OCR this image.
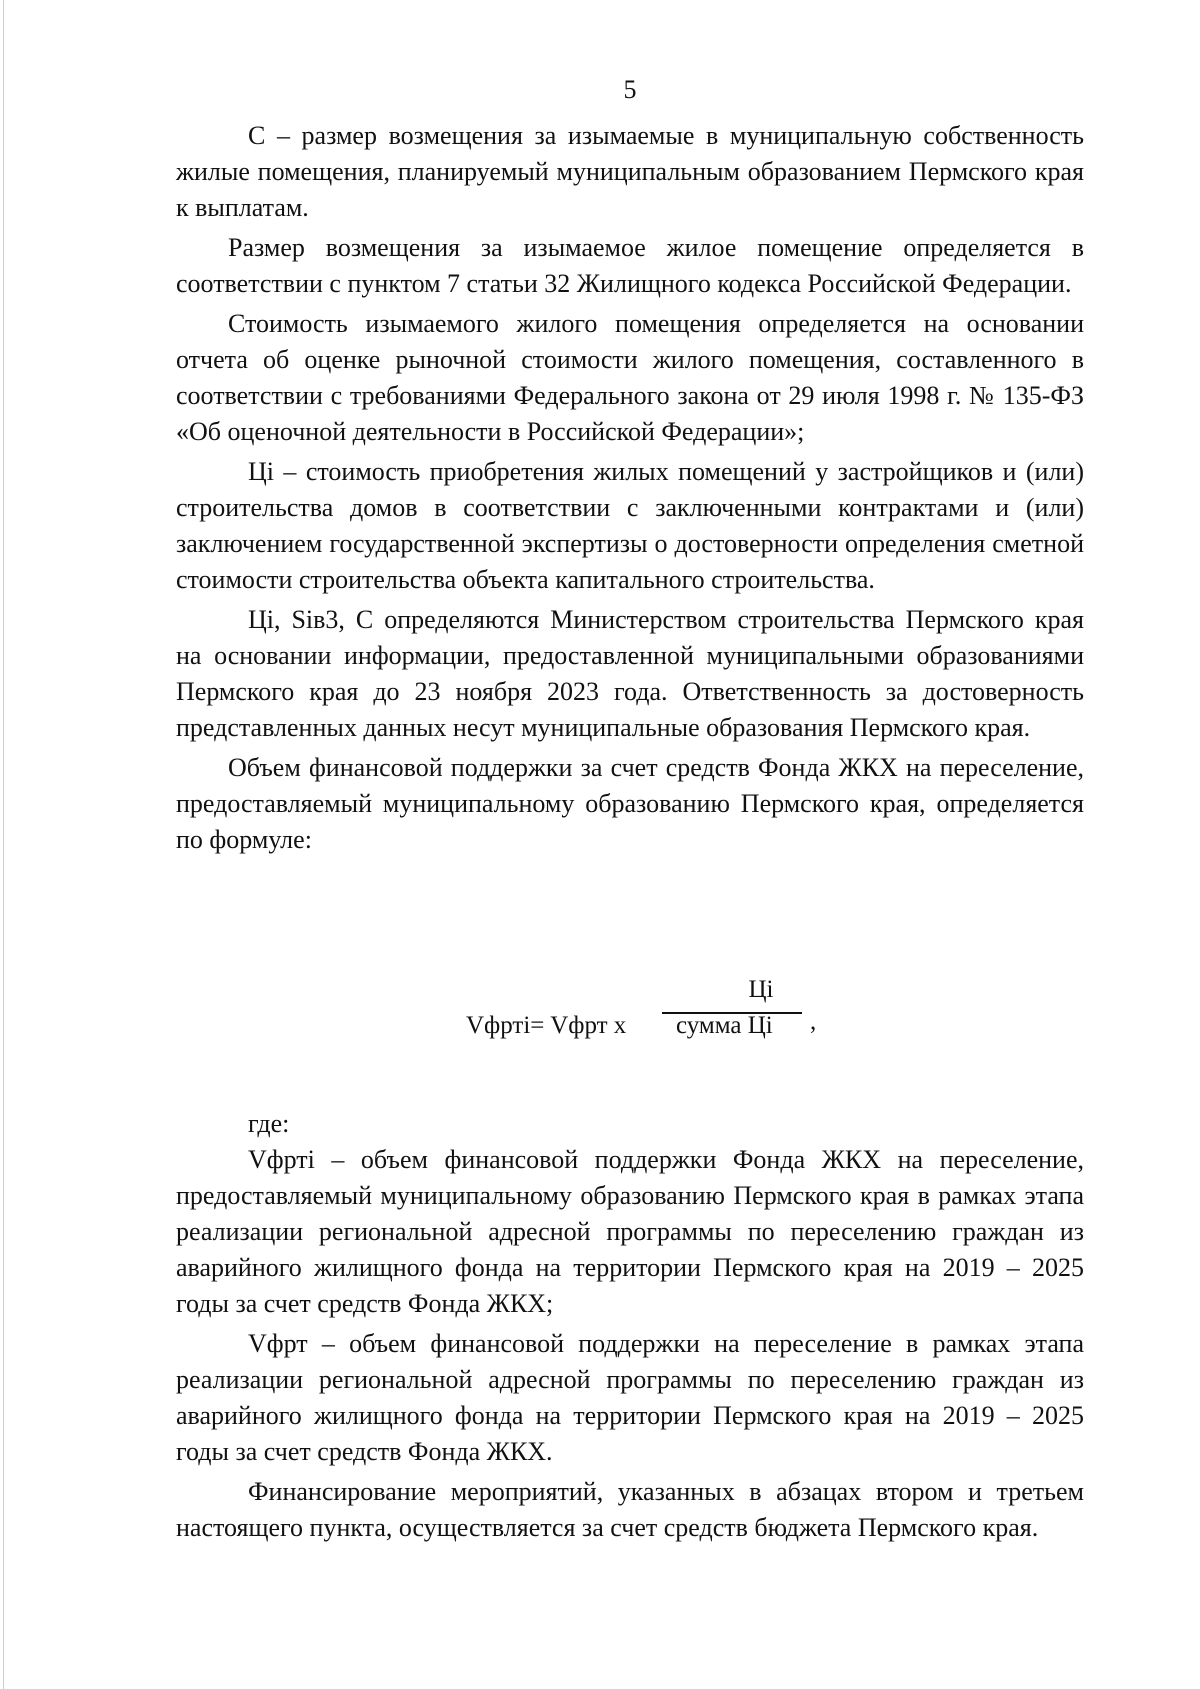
5

С – размер возмещения за изымаемые в муниципальную собственность жилые помещения, планируемый муниципальным образованием Пермского края к выплатам.

Размер возмещения за изымаемое жилое помещение определяется в соответствии с пунктом 7 статьи 32 Жилищного кодекса Российской Федерации.

Стоимость изымаемого жилого помещения определяется на основании отчета об оценке рыночной стоимости жилого помещения, составленного в соответствии с требованиями Федерального закона от 29 июля 1998 г. № 135-ФЗ «Об оценочной деятельности в Российской Федерации»;

Цi – стоимость приобретения жилых помещений у застройщиков и (или) строительства домов в соответствии с заключенными контрактами и (или) заключением государственной экспертизы о достоверности определения сметной стоимости строительства объекта капитального строительства.

Цi, Siв3, С определяются Министерством строительства Пермского края на основании информации, предоставленной муниципальными образованиями Пермского края до 23 ноября 2023 года. Ответственность за достоверность представленных данных несут муниципальные образования Пермского края.

Объем финансовой поддержки за счет средств Фонда ЖКХ на переселение, предоставляемый муниципальному образованию Пермского края, определяется по формуле:

Vфртi= Vфрт х
Цi
сумма Цi ,

где:

Vфртi – объем финансовой поддержки Фонда ЖКХ на переселение, предоставляемый муниципальному образованию Пермского края в рамках этапа реализации региональной адресной программы по переселению граждан из аварийного жилищного фонда на территории Пермского края на 2019 – 2025 годы за счет средств Фонда ЖКХ;

Vфрт – объем финансовой поддержки на переселение в рамках этапа реализации региональной адресной программы по переселению граждан из аварийного жилищного фонда на территории Пермского края на 2019 – 2025 годы за счет средств Фонда ЖКХ.

Финансирование мероприятий, указанных в абзацах втором и третьем настоящего пункта, осуществляется за счет средств бюджета Пермского края.
